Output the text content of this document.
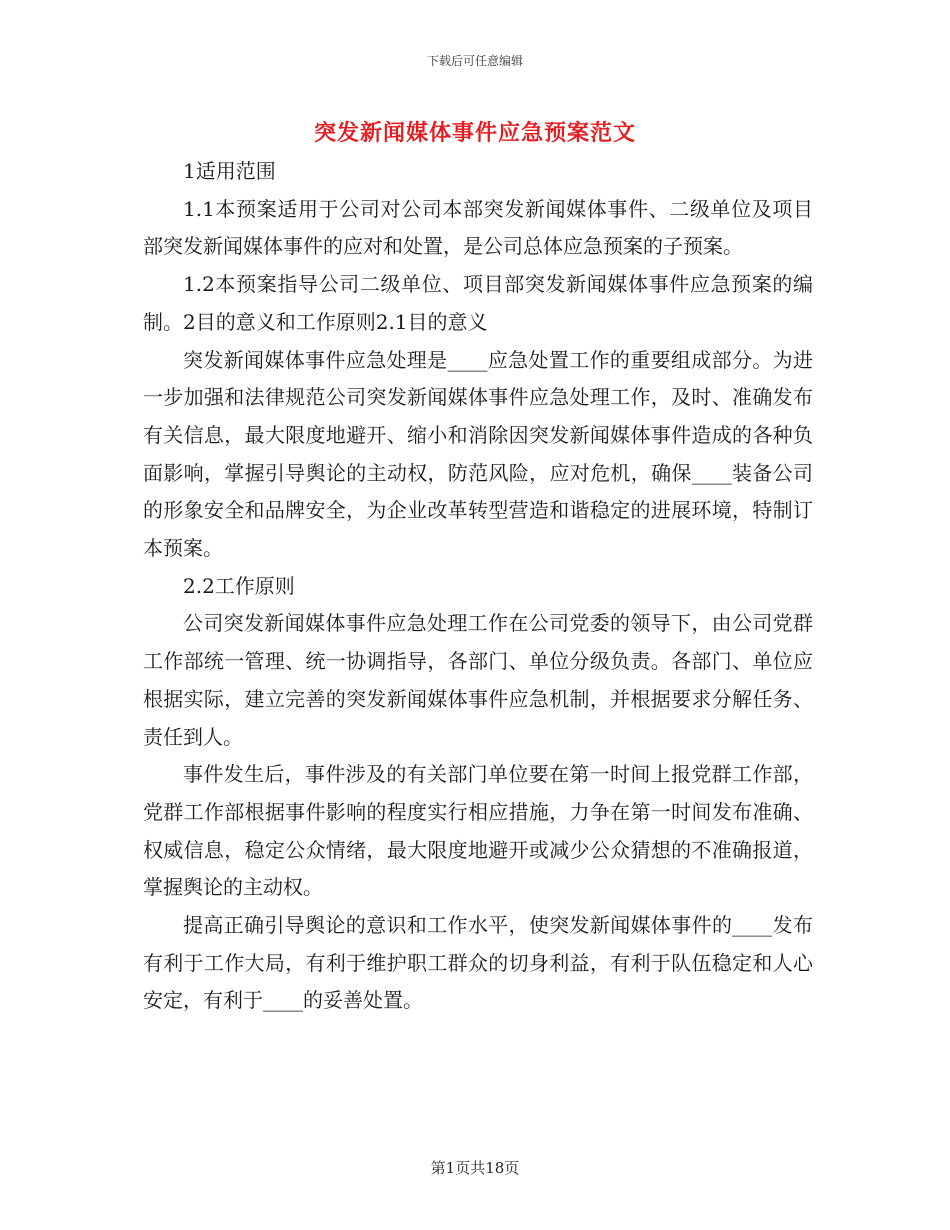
下载后可任意编辑
突发新闻媒体事件应急预案范文

1适用范围

1.1本预案适用于公司对公司本部突发新闻媒体事件、二级单位及项目部突发新闻媒体事件的应对和处置，是公司总体应急预案的子预案。

1.2本预案指导公司二级单位、项目部突发新闻媒体事件应急预案的编制。2目的意义和工作原则2.1目的意义

突发新闻媒体事件应急处理是____应急处置工作的重要组成部分。为进一步加强和法律规范公司突发新闻媒体事件应急处理工作，及时、准确发布有关信息，最大限度地避开、缩小和消除因突发新闻媒体事件造成的各种负面影响，掌握引导舆论的主动权，防范风险，应对危机，确保____装备公司的形象安全和品牌安全，为企业改革转型营造和谐稳定的进展环境，特制订本预案。

2.2工作原则

公司突发新闻媒体事件应急处理工作在公司党委的领导下，由公司党群工作部统一管理、统一协调指导，各部门、单位分级负责。各部门、单位应根据实际，建立完善的突发新闻媒体事件应急机制，并根据要求分解任务、责任到人。

事件发生后，事件涉及的有关部门单位要在第一时间上报党群工作部，党群工作部根据事件影响的程度实行相应措施，力争在第一时间发布准确、权威信息，稳定公众情绪，最大限度地避开或减少公众猜想的不准确报道，掌握舆论的主动权。

提高正确引导舆论的意识和工作水平，使突发新闻媒体事件的____发布有利于工作大局，有利于维护职工群众的切身利益，有利于队伍稳定和人心安定，有利于____的妥善处置。

第1页共18页
